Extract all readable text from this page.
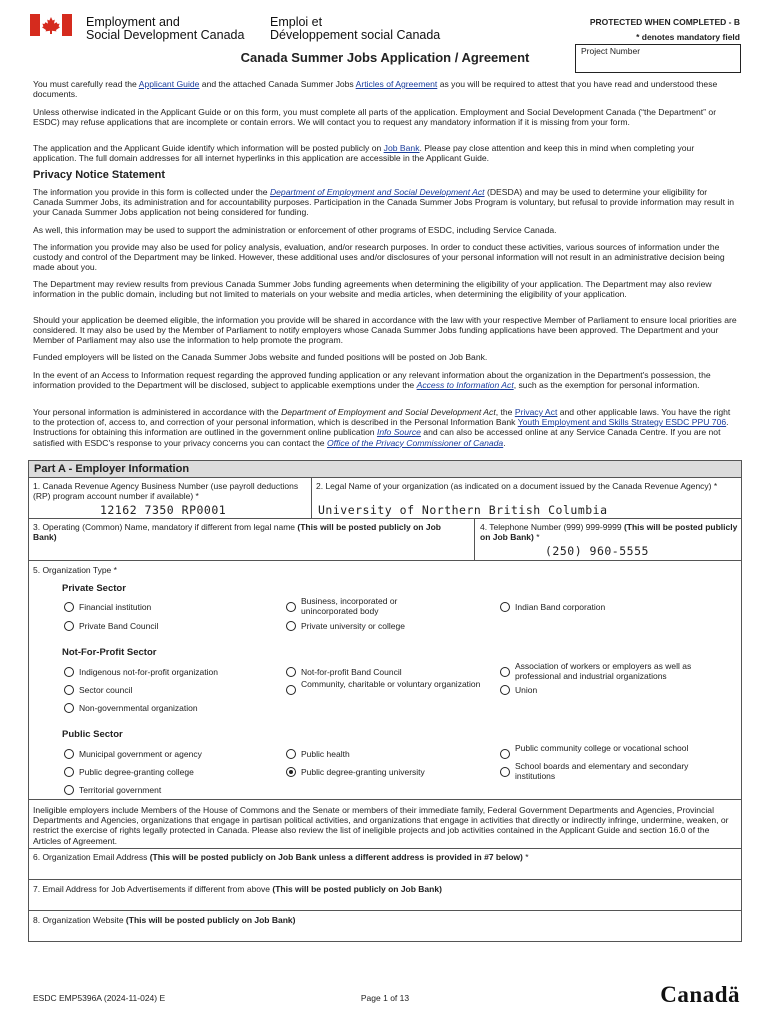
Employment and
Social Development Canada
Emploi et
Développement social Canada
PROTECTED WHEN COMPLETED - B
* denotes mandatory field
Canada Summer Jobs Application / Agreement	Project Number
You must carefully read the Applicant Guide and the attached Canada Summer Jobs Articles of Agreement as you will be required to attest that you have read and understood these documents.
Unless otherwise indicated in the Applicant Guide or on this form, you must complete all parts of the application. Employment and Social Development Canada (“the Department” or ESDC) may refuse applications that are incomplete or contain errors. We will contact you to request any mandatory information if it is missing from your form.
The application and the Applicant Guide identify which information will be posted publicly on Job Bank. Please pay close attention and keep this in mind when completing your application. The full domain addresses for all internet hyperlinks in this application are accessible in the Applicant Guide.
Privacy Notice Statement
The information you provide in this form is collected under the Department of Employment and Social Development Act (DESDA) and may be used to determine your eligibility for Canada Summer Jobs, its administration and for accountability purposes. Participation in the Canada Summer Jobs Program is voluntary, but refusal to provide information may result in your Canada Summer Jobs application not being considered for funding.
As well, this information may be used to support the administration or enforcement of other programs of ESDC, including Service Canada.
The information you provide may also be used for policy analysis, evaluation, and/or research purposes. In order to conduct these activities, various sources of information under the custody and control of the Department may be linked. However, these additional uses and/or disclosures of your personal information will not result in an administrative decision being made about you.
The Department may review results from previous Canada Summer Jobs funding agreements when determining the eligibility of your application. The Department may also review information in the public domain, including but not limited to materials on your website and media articles, when determining the eligibility of your application.
Should your application be deemed eligible, the information you provide will be shared in accordance with the law with your respective Member of Parliament to ensure local priorities are considered. It may also be used by the Member of Parliament to notify employers whose Canada Summer Jobs funding applications have been approved. The Department and your Member of Parliament may also use the information to help promote the program.
Funded employers will be listed on the Canada Summer Jobs website and funded positions will be posted on Job Bank.
In the event of an Access to Information request regarding the approved funding application or any relevant information about the organization in the Department's possession, the information provided to the Department will be disclosed, subject to applicable exemptions under the Access to Information Act, such as the exemption for personal information.
Your personal information is administered in accordance with the Department of Employment and Social Development Act, the Privacy Act and other applicable laws. You have the right to the protection of, access to, and correction of your personal information, which is described in the Personal Information Bank Youth Employment and Skills Strategy ESDC PPU 706. Instructions for obtaining this information are outlined in the government online publication Info Source and can also be accessed online at any Service Canada Centre. If you are not satisfied with ESDC's response to your privacy concerns you can contact the Office of the Privacy Commissioner of Canada.
Part A - Employer Information
1. Canada Revenue Agency Business Number (use payroll deductions (RP) program account number if available) *
12162 7350 RP0001
2. Legal Name of your organization (as indicated on a document issued by the Canada Revenue Agency) *
University of Northern British Columbia
3. Operating (Common) Name, mandatory if different from legal name (This will be posted publicly on Job Bank)
4. Telephone Number (999) 999-9999 (This will be posted publicly on Job Bank) *
(250) 960-5555
5. Organization Type *
Private Sector
Financial institution
Business, incorporated or unincorporated body	Indian Band corporation
Private Band Council	Private university or college
Not-For-Profit Sector
Indigenous not-for-profit organization	Not-for-profit Band Council
Association of workers or employers as well as professional and industrial organizations
Sector council
Community, charitable or voluntary organization
Union
Non-governmental organization
Public Sector
Municipal government or agency	Public health
Public community college or vocational school
Public degree-granting college	Public degree-granting university
School boards and elementary and secondary institutions
Territorial government
Ineligible employers include Members of the House of Commons and the Senate or members of their immediate family, Federal Government Departments and Agencies, Provincial Departments and Agencies, organizations that engage in partisan political activities, and organizations that engage in activities that directly or indirectly infringe, undermine, weaken, or restrict the exercise of rights legally protected in Canada. Please also review the list of ineligible projects and job activities contained in the Applicant Guide and section 16.0 of the Articles of Agreement.
6. Organization Email Address (This will be posted publicly on Job Bank unless a different address is provided in #7 below) *
7. Email Address for Job Advertisements if different from above (This will be posted publicly on Job Bank)
8. Organization Website (This will be posted publicly on Job Bank)
ESDC EMP5396A (2024-11-024) E	Page 1 of 13	Canadä
